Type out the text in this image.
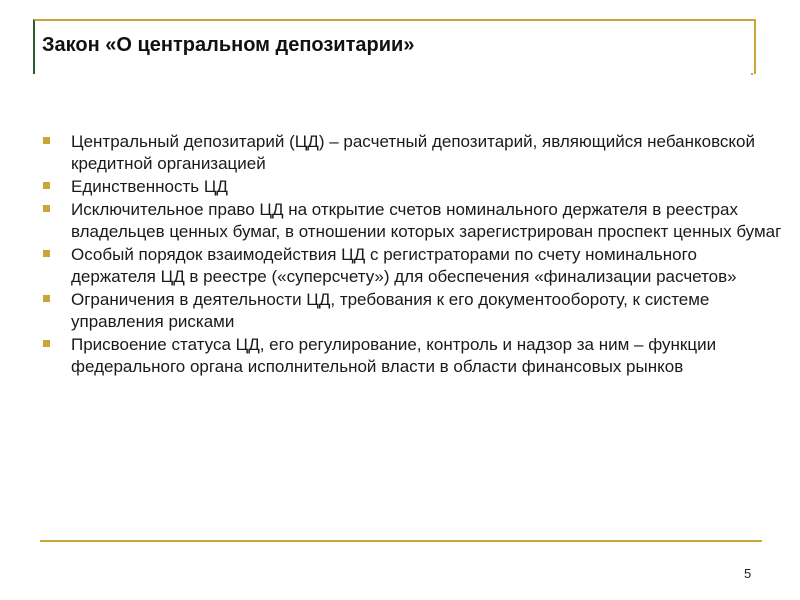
Закон «О центральном депозитарии»
Центральный депозитарий (ЦД) – расчетный депозитарий, являющийся небанковской кредитной организацией
Единственность ЦД
Исключительное право ЦД на открытие счетов номинального держателя в реестрах владельцев ценных бумаг, в отношении которых зарегистрирован проспект ценных бумаг
Особый порядок взаимодействия ЦД с регистраторами по счету номинального держателя ЦД в реестре («суперсчету») для обеспечения «финализации расчетов»
Ограничения в деятельности ЦД, требования к его документообороту, к системе управления рисками
Присвоение статуса ЦД, его регулирование, контроль и надзор за ним – функции федерального органа исполнительной власти в области финансовых рынков
5
